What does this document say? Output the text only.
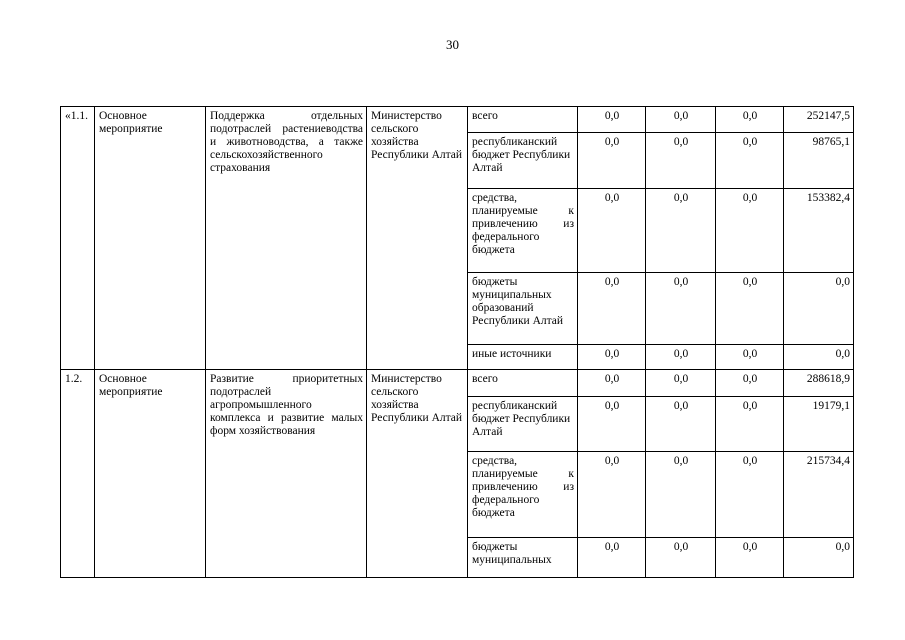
30
«1.1.	Основное мероприятие	Поддержка отдельных подотраслей растениеводства и животноводства, а также сельскохозяйственного страхования	Министерство сельского хозяйства Республики Алтай	всего	0,0	0,0	0,0	252147,5
				республиканский бюджет Республики Алтай	0,0	0,0	0,0	98765,1
				средства, планируемые к привлечению из федерального бюджета	0,0	0,0	0,0	153382,4
				бюджеты муниципальных образований Республики Алтай	0,0	0,0	0,0	0,0
				иные источники	0,0	0,0	0,0	0,0
1.2.	Основное мероприятие	Развитие приоритетных подотраслей агропромышленного комплекса и развитие малых форм хозяйствования	Министерство сельского хозяйства Республики Алтай	всего	0,0	0,0	0,0	288618,9
				республиканский бюджет Республики Алтай	0,0	0,0	0,0	19179,1
				средства, планируемые к привлечению из федерального бюджета	0,0	0,0	0,0	215734,4
				бюджеты муниципальных	0,0	0,0	0,0	0,0
